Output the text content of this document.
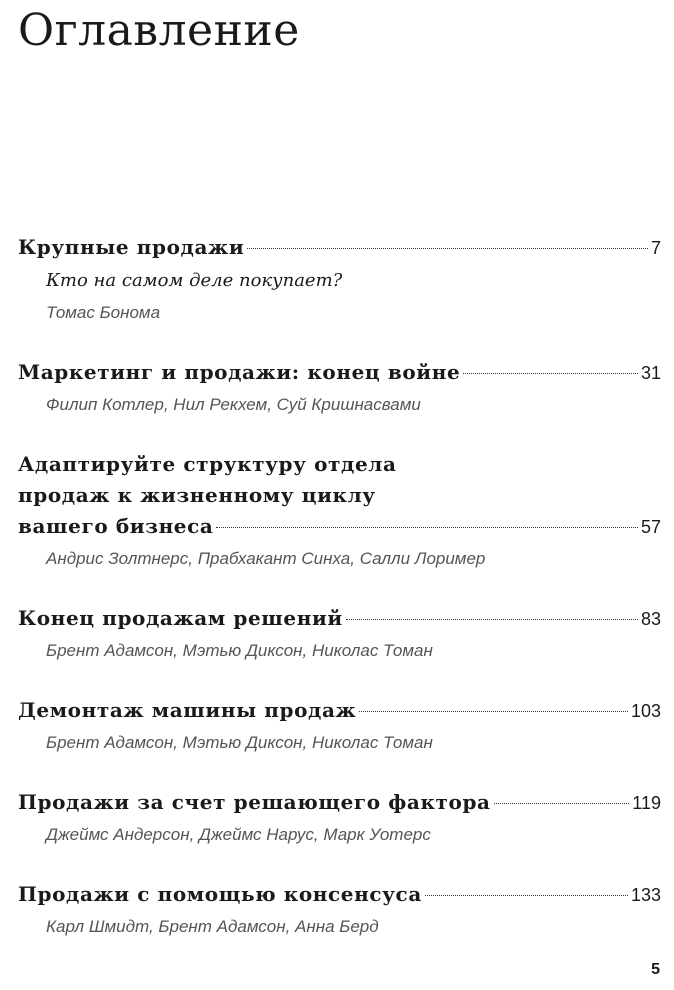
Оглавление
Крупные продажи	7
Кто на самом деле покупает?
Томас Бонома
Маркетинг и продажи: конец войне	31
Филип Котлер, Нил Рекхем, Суй Кришнасвами
Адаптируйте структуру отдела
продаж к жизненному циклу
вашего бизнеса	57
Андрис Золтнерс, Прабхакант Синха, Салли Лоример
Конец продажам решений	83
Брент Адамсон, Мэтью Диксон, Николас Томан
Демонтаж машины продаж	103
Брент Адамсон, Мэтью Диксон, Николас Томан
Продажи за счет решающего фактора	119
Джеймс Андерсон, Джеймс Нарус, Марк Уотерс
Продажи с помощью консенсуса	133
Карл Шмидт, Брент Адамсон, Анна Берд
5
